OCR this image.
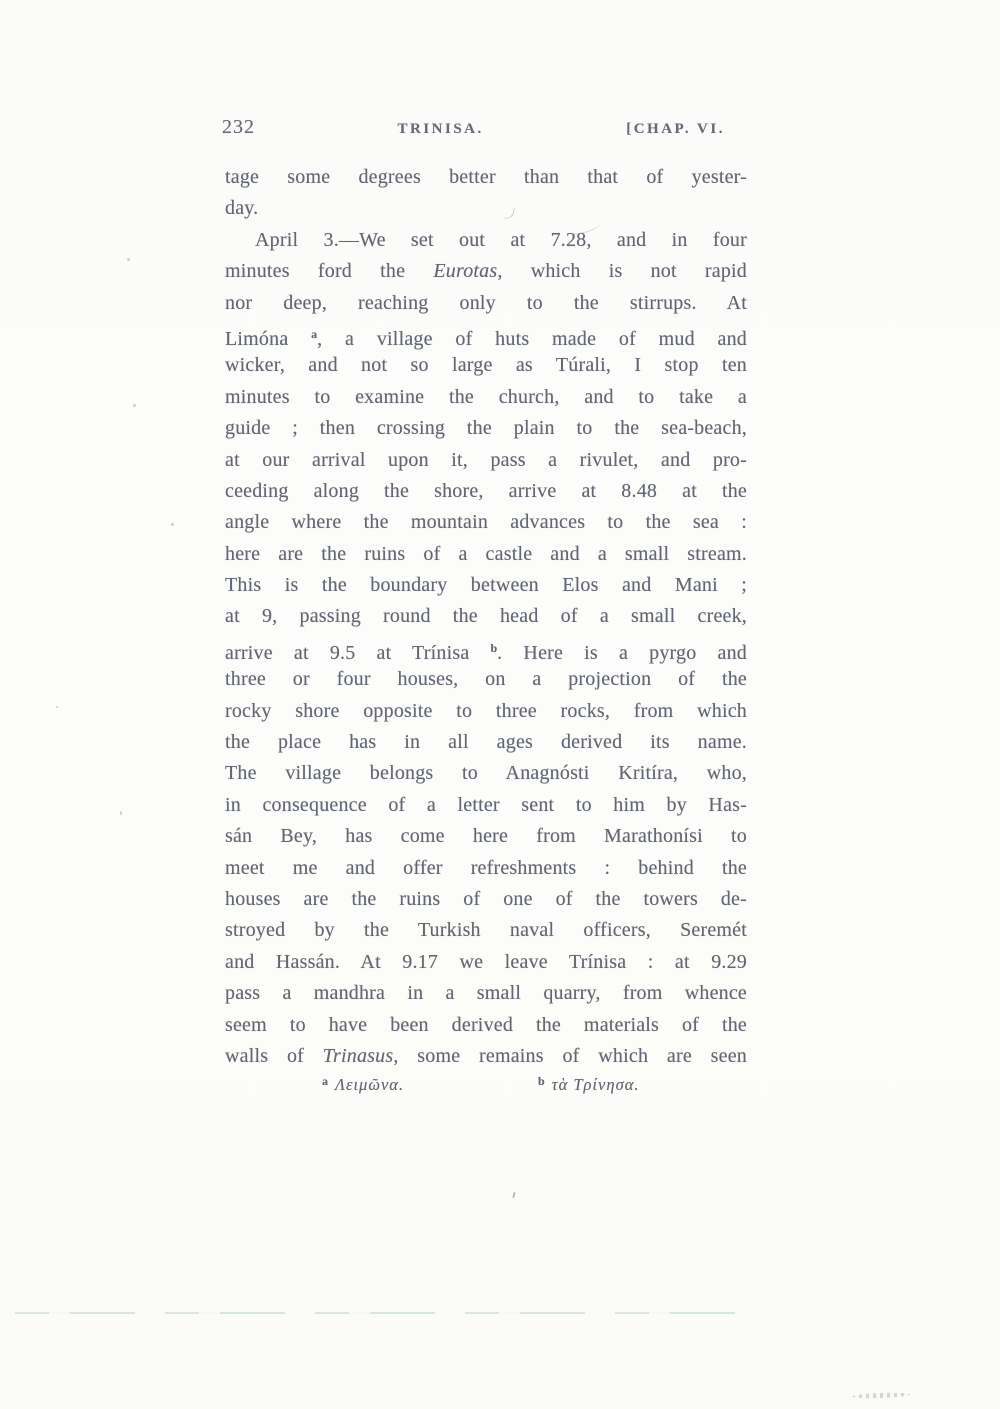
232	TRINISA.	[CHAP. VI.
tage some degrees better than that of yester-
day.
April 3.—We set out at 7.28, and in four
minutes ford the Eurotas, which is not rapid
nor deep, reaching only to the stirrups. At
Limóna $^a$, a village of huts made of mud and
wicker, and not so large as Túrali, I stop ten
minutes to examine the church, and to take a
guide ; then crossing the plain to the sea-beach,
at our arrival upon it, pass a rivulet, and pro-
ceeding along the shore, arrive at 8.48 at the
angle where the mountain advances to the sea :
here are the ruins of a castle and a small stream.
This is the boundary between Elos and Mani ;
at 9, passing round the head of a small creek,
arrive at 9.5 at Trínisa $^b$. Here is a pyrgo and
three or four houses, on a projection of the
rocky shore opposite to three rocks, from which
the place has in all ages derived its name.
The village belongs to Anagnósti Kritíra, who,
in consequence of a letter sent to him by Has-
sán Bey, has come here from Marathonísi to
meet me and offer refreshments : behind the
houses are the ruins of one of the towers de-
stroyed by the Turkish naval officers, Seremét
and Hassán. At 9.17 we leave Trínisa : at 9.29
pass a mandhra in a small quarry, from whence
seem to have been derived the materials of the
walls of Trinasus, some remains of which are seen
$^a$ Λειμῶνα.	$^b$ τὰ Τρίνησα.
